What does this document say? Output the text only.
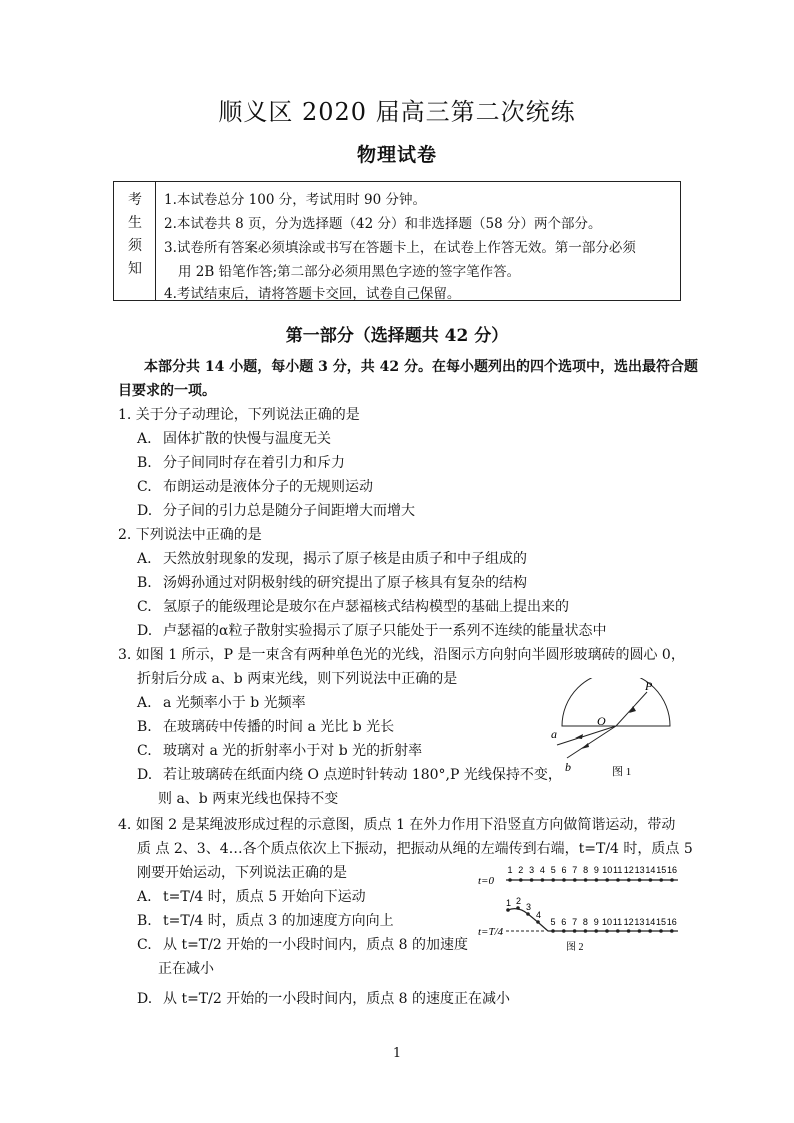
顺义区 2020 届高三第二次统练
物理试卷
考
生
须
知
1.本试卷总分 100 分，考试用时 90 分钟。
2.本试卷共 8 页，分为选择题（42 分）和非选择题（58 分）两个部分。
3.试卷所有答案必须填涂或书写在答题卡上，在试卷上作答无效。第一部分必须
用 2B 铅笔作答;第二部分必须用黑色字迹的签字笔作答。
4.考试结束后，请将答题卡交回，试卷自己保留。
第一部分（选择题共 42 分）
本部分共 14 小题，每小题 3 分，共 42 分。在每小题列出的四个选项中，选出最符合题
目要求的一项。
1. 关于分子动理论，下列说法正确的是
A. 固体扩散的快慢与温度无关
B. 分子间同时存在着引力和斥力
C. 布朗运动是液体分子的无规则运动
D. 分子间的引力总是随分子间距增大而增大
2. 下列说法中正确的是
A. 天然放射现象的发现，揭示了原子核是由质子和中子组成的
B. 汤姆孙通过对阴极射线的研究提出了原子核具有复杂的结构
C. 氢原子的能级理论是玻尔在卢瑟福核式结构模型的基础上提出来的
D. 卢瑟福的α粒子散射实验揭示了原子只能处于一系列不连续的能量状态中
3. 如图 1 所示，P 是一束含有两种单色光的光线，沿图示方向射向半圆形玻璃砖的圆心 0，
折射后分成 a、b 两束光线，则下列说法中正确的是
A. a 光频率小于 b 光频率
B. 在玻璃砖中传播的时间 a 光比 b 光长
C. 玻璃对 a 光的折射率小于对 b 光的折射率
D. 若让玻璃砖在纸面内绕 O 点逆时针转动 180°,P 光线保持不变，
则 a、b 两束光线也保持不变
P
O
a
b	图 1
4. 如图 2 是某绳波形成过程的示意图，质点 1 在外力作用下沿竖直方向做简谐运动，带动
质 点 2、3、4…各个质点依次上下振动，把振动从绳的左端传到右端，t=T/4 时，质点 5
刚要开始运动，下列说法正确的是
A. t=T/4 时，质点 5 开始向下运动
B. t=T/4 时，质点 3 的加速度方向向上
C. 从 t=T/2 开始的一小段时间内，质点 8 的加速度
正在减小
D. 从 t=T/2 开始的一小段时间内，质点 8 的速度正在减小
t=0
t=T/4
1 2 3 4 5 6 7 8 9 10 11 12 13 14 15 16
1 2
3
4
5 6 7 8 9 10 11 12 13 14 15 16
图 2
1
